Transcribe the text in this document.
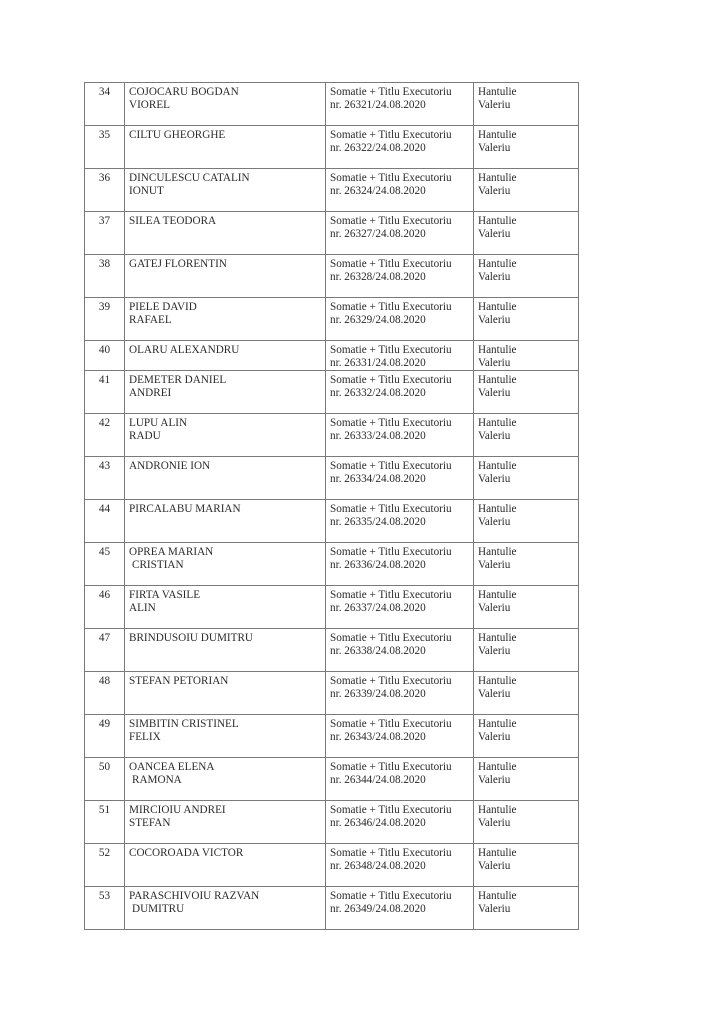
34	COJOCARU BOGDAN
VIOREL	Somatie + Titlu Executoriu
nr. 26321/24.08.2020	Hantulie
Valeriu

35	CILTU GHEORGHE	Somatie + Titlu Executoriu
nr. 26322/24.08.2020	Hantulie
Valeriu

36	DINCULESCU CATALIN
IONUT	Somatie + Titlu Executoriu
nr. 26324/24.08.2020	Hantulie
Valeriu

37	SILEA TEODORA	Somatie + Titlu Executoriu
nr. 26327/24.08.2020	Hantulie
Valeriu

38	GATEJ FLORENTIN	Somatie + Titlu Executoriu
nr. 26328/24.08.2020	Hantulie
Valeriu

39	PIELE DAVID
RAFAEL	Somatie + Titlu Executoriu
nr. 26329/24.08.2020	Hantulie
Valeriu

40	OLARU ALEXANDRU	Somatie + Titlu Executoriu
nr. 26331/24.08.2020	Hantulie
Valeriu

41	DEMETER DANIEL
ANDREI	Somatie + Titlu Executoriu
nr. 26332/24.08.2020	Hantulie
Valeriu

42	LUPU ALIN
RADU	Somatie + Titlu Executoriu
nr. 26333/24.08.2020	Hantulie
Valeriu

43	ANDRONIE ION	Somatie + Titlu Executoriu
nr. 26334/24.08.2020	Hantulie
Valeriu

44	PIRCALABU MARIAN	Somatie + Titlu Executoriu
nr. 26335/24.08.2020	Hantulie
Valeriu

45	OPREA MARIAN
CRISTIAN	Somatie + Titlu Executoriu
nr. 26336/24.08.2020	Hantulie
Valeriu

46	FIRTA VASILE
ALIN	Somatie + Titlu Executoriu
nr. 26337/24.08.2020	Hantulie
Valeriu

47	BRINDUSOIU DUMITRU	Somatie + Titlu Executoriu
nr. 26338/24.08.2020	Hantulie
Valeriu

48	STEFAN PETORIAN	Somatie + Titlu Executoriu
nr. 26339/24.08.2020	Hantulie
Valeriu

49	SIMBITIN CRISTINEL
FELIX	Somatie + Titlu Executoriu
nr. 26343/24.08.2020	Hantulie
Valeriu

50	OANCEA ELENA
RAMONA	Somatie + Titlu Executoriu
nr. 26344/24.08.2020	Hantulie
Valeriu

51	MIRCIOIU ANDREI
STEFAN	Somatie + Titlu Executoriu
nr. 26346/24.08.2020	Hantulie
Valeriu

52	COCOROADA VICTOR	Somatie + Titlu Executoriu
nr. 26348/24.08.2020	Hantulie
Valeriu

53	PARASCHIVOIU RAZVAN
DUMITRU	Somatie + Titlu Executoriu
nr. 26349/24.08.2020	Hantulie
Valeriu
